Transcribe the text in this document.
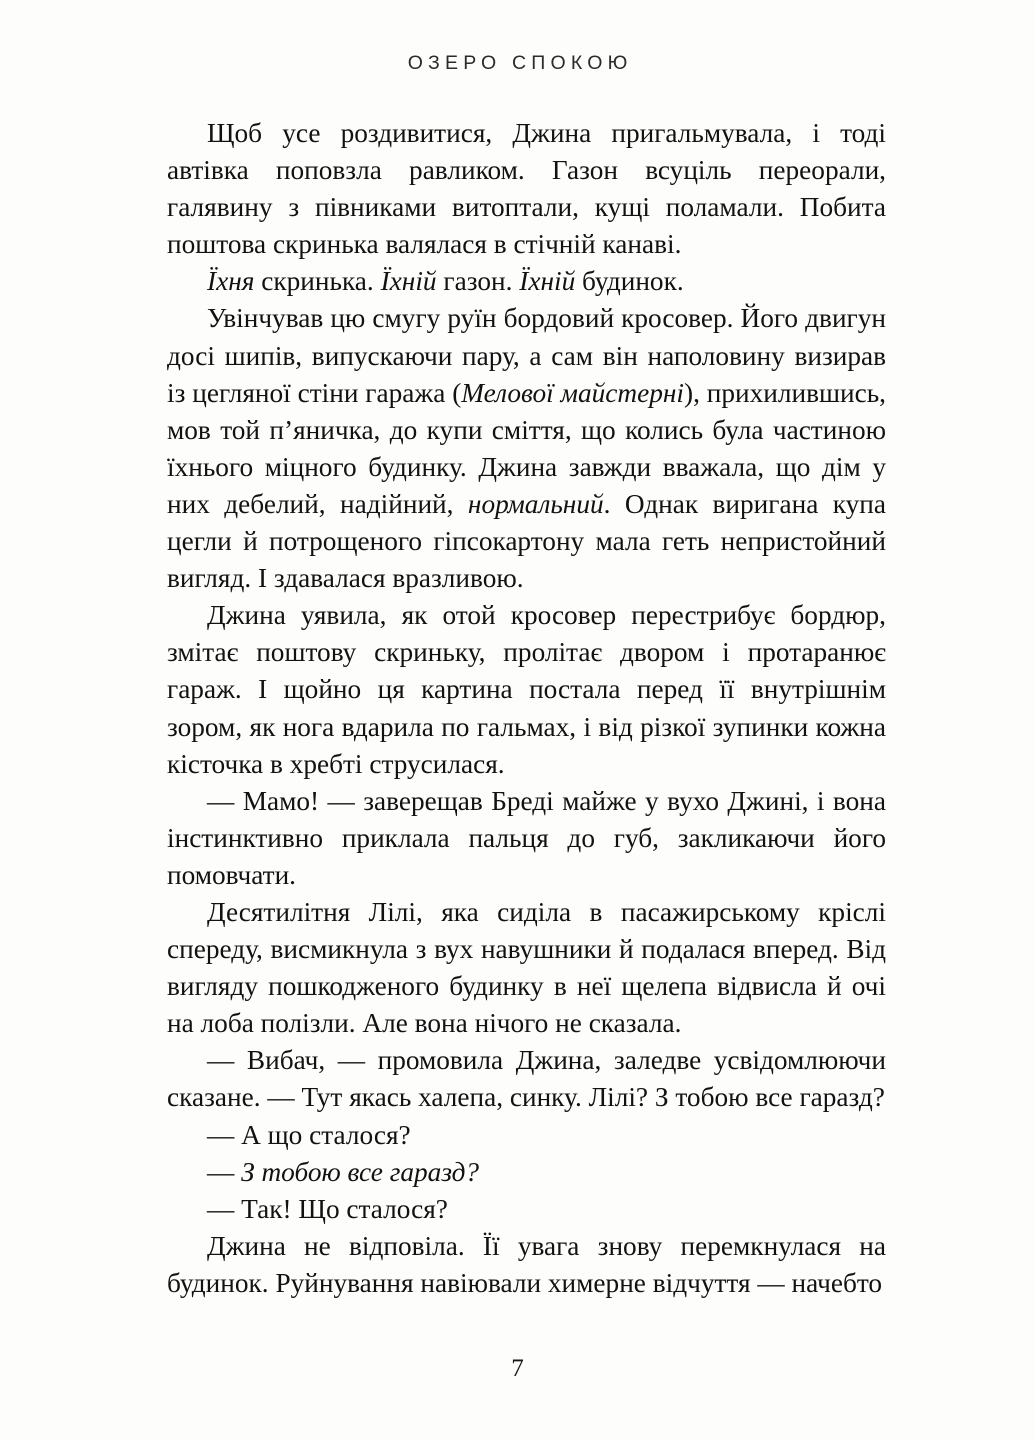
ОЗЕРО СПОКОЮ

Щоб усе роздивитися, Джина пригальмувала, і тоді автівка поповзла равликом. Газон всуціль переорали, галявину з півниками витоптали, кущі поламали. Побита поштова скринька валялася в стічній канаві.

Їхня скринька. Їхній газон. Їхній будинок.

Увінчував цю смугу руїн бордовий кросовер. Його двигун досі шипів, випускаючи пару, а сам він наполовину визирав із цегляної стіни гаража (Мелової майстерні), прихилившись, мов той п’яничка, до купи сміття, що колись була частиною їхнього міцного будинку. Джина завжди вважала, що дім у них дебелий, надійний, нормальний. Однак виригана купа цегли й потрощеного гіпсокартону мала геть непристойний вигляд. І здавалася вразливою.

Джина уявила, як отой кросовер перестрибує бордюр, змітає поштову скриньку, пролітає двором і протаранює гараж. І щойно ця картина постала перед її внутрішнім зором, як нога вдарила по гальмах, і від різкої зупинки кожна кісточка в хребті струсилася.

— Мамо! — заверещав Бреді майже у вухо Джині, і вона інстинктивно приклала пальця до губ, закликаючи його помовчати.

Десятилітня Лілі, яка сиділа в пасажирському кріслі спереду, висмикнула з вух навушники й подалася вперед. Від вигляду пошкодженого будинку в неї щелепа відвисла й очі на лоба полізли. Але вона нічого не сказала.

— Вибач, — промовила Джина, заледве усвідомлюючи сказане. — Тут якась халепа, синку. Лілі? З тобою все гаразд?

— А що сталося?

— З тобою все гаразд?

— Так! Що сталося?

Джина не відповіла. Її увага знову перемкнулася на будинок. Руйнування навіювали химерне відчуття — начебто

7
